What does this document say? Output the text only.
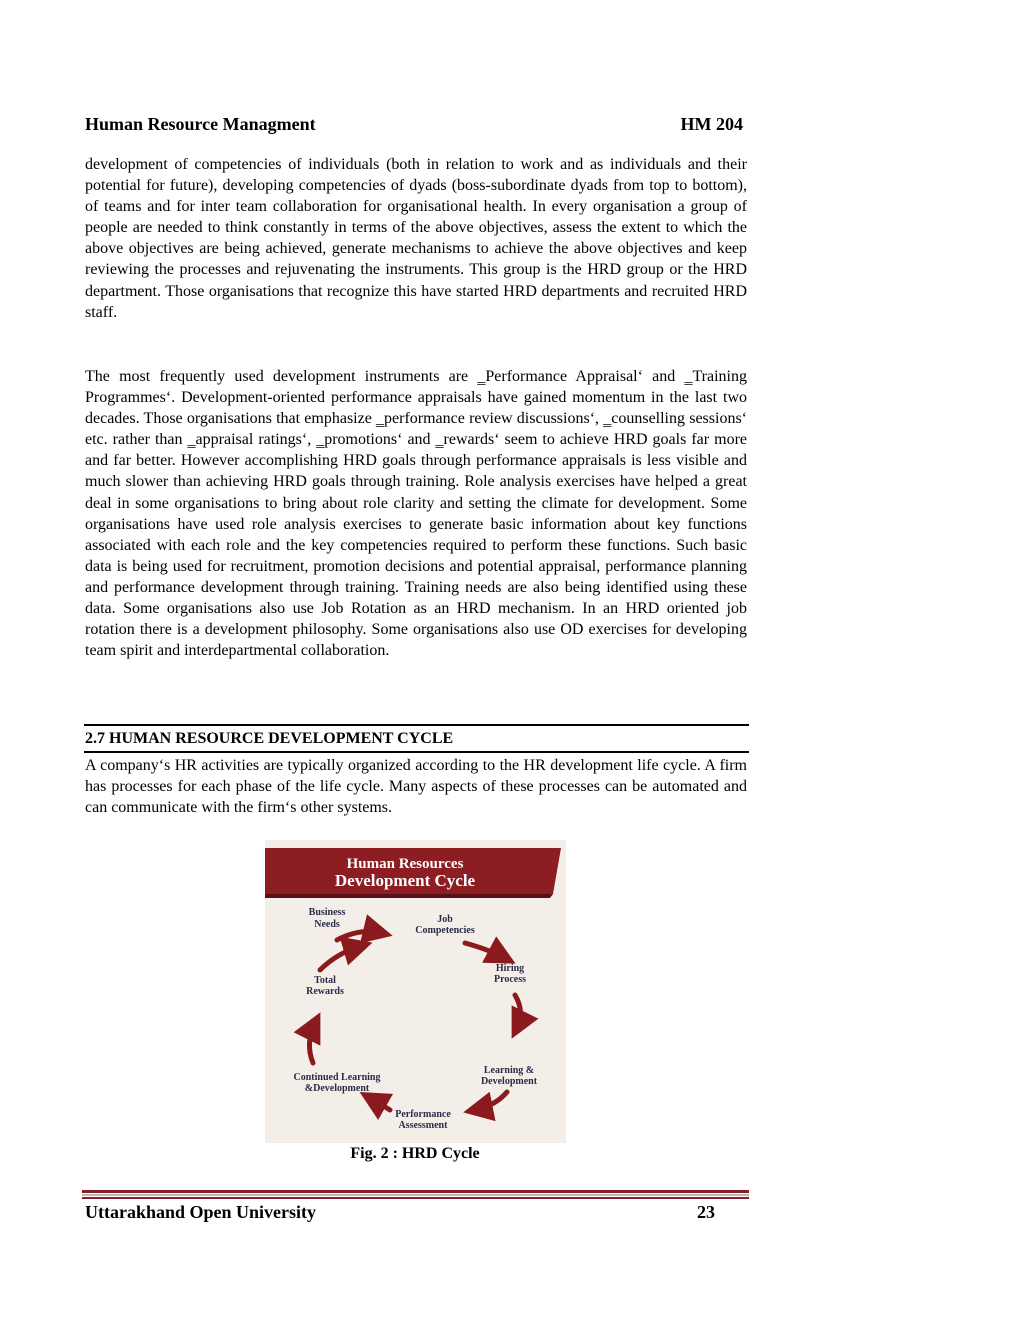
Human Resource Managment	HM 204

development of competencies of individuals (both in relation to work and as individuals and their potential for future), developing competencies of dyads (boss-subordinate dyads from top to bottom), of teams and for inter team collaboration for organisational health. In every organisation a group of people are needed to think constantly in terms of the above objectives, assess the extent to which the above objectives are being achieved, generate mechanisms to achieve the above objectives and keep reviewing the processes and rejuvenating the instruments. This group is the HRD group or the HRD department. Those organisations that recognize this have started HRD departments and recruited HRD staff.

The most frequently used development instruments are ‗Performance Appraisal‘ and ‗Training Programmes‘. Development-oriented performance appraisals have gained momentum in the last two decades. Those organisations that emphasize ‗performance review discussions‘, ‗counselling sessions‘ etc. rather than ‗appraisal ratings‘, ‗promotions‘ and ‗rewards‘ seem to achieve HRD goals far more and far better. However accomplishing HRD goals through performance appraisals is less visible and much slower than achieving HRD goals through training. Role analysis exercises have helped a great deal in some organisations to bring about role clarity and setting the climate for development. Some organisations have used role analysis exercises to generate basic information about key functions associated with each role and the key competencies required to perform these functions. Such basic data is being used for recruitment, promotion decisions and potential appraisal, performance planning and performance development through training. Training needs are also being identified using these data. Some organisations also use Job Rotation as an HRD mechanism. In an HRD oriented job rotation there is a development philosophy. Some organisations also use OD exercises for developing team spirit and interdepartmental collaboration.

2.7 HUMAN RESOURCE DEVELOPMENT CYCLE

A company‘s HR activities are typically organized according to the HR development life cycle. A firm has processes for each phase of the life cycle. Many aspects of these processes can be automated and can communicate with the firm‘s other systems.

Human Resources
Development Cycle
Business
Needs	Job
Competencies
Hiring
Process
Learning &
Development
Performance
Assessment
Continued Learning
&Development
Total
Rewards
Fig. 2 : HRD Cycle
Uttarakhand Open University	23
